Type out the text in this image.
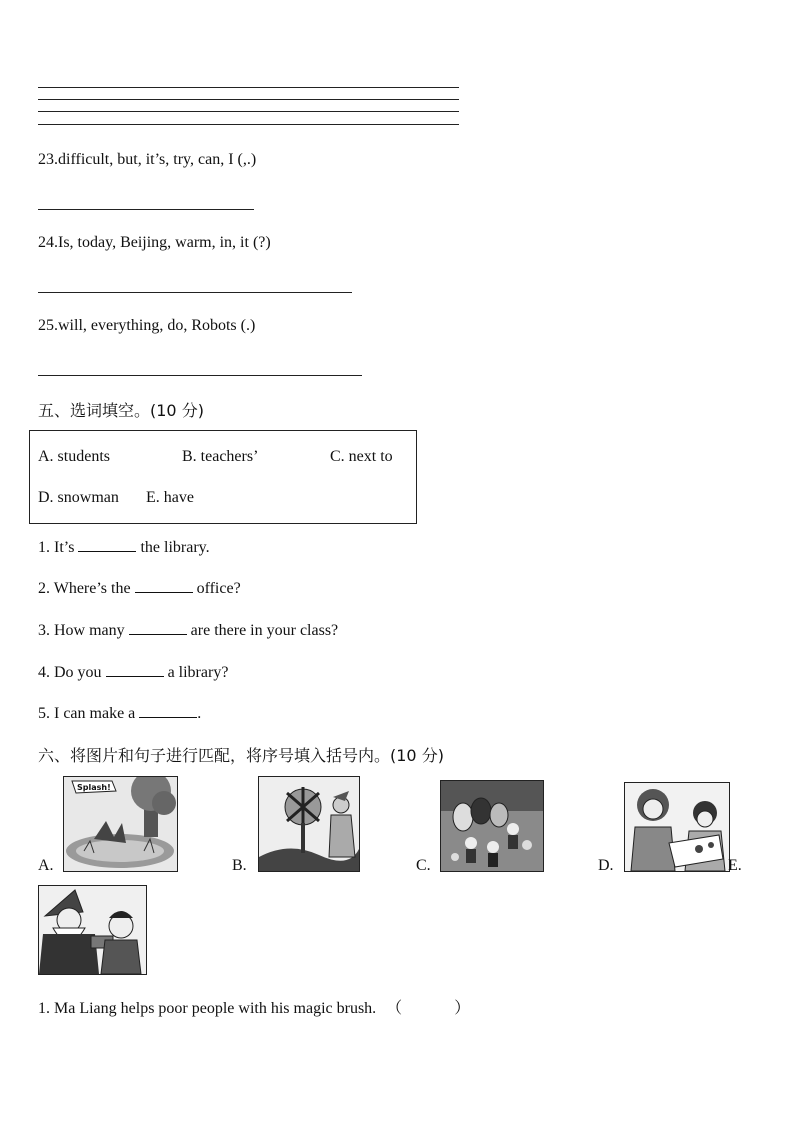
23.difficult, but, it’s, try, can, I (,.)
24.Is, today, Beijing, warm, in, it (?)
25.will, everything, do, Robots (.)
五、选词填空。(10 分)
A. students	B. teachers’	C. next to
D. snowman E. have
1. It’s	the library.
2. Where’s the	office?
3. How many	are there in your class?
4. Do you	a library?
5. I can make a	.
六、将图片和句子进行匹配，将序号填入括号内。(10 分)
A.
Splash!
B.	C.	D.	E.
1. Ma Liang helps poor people with his magic brush. （	）
